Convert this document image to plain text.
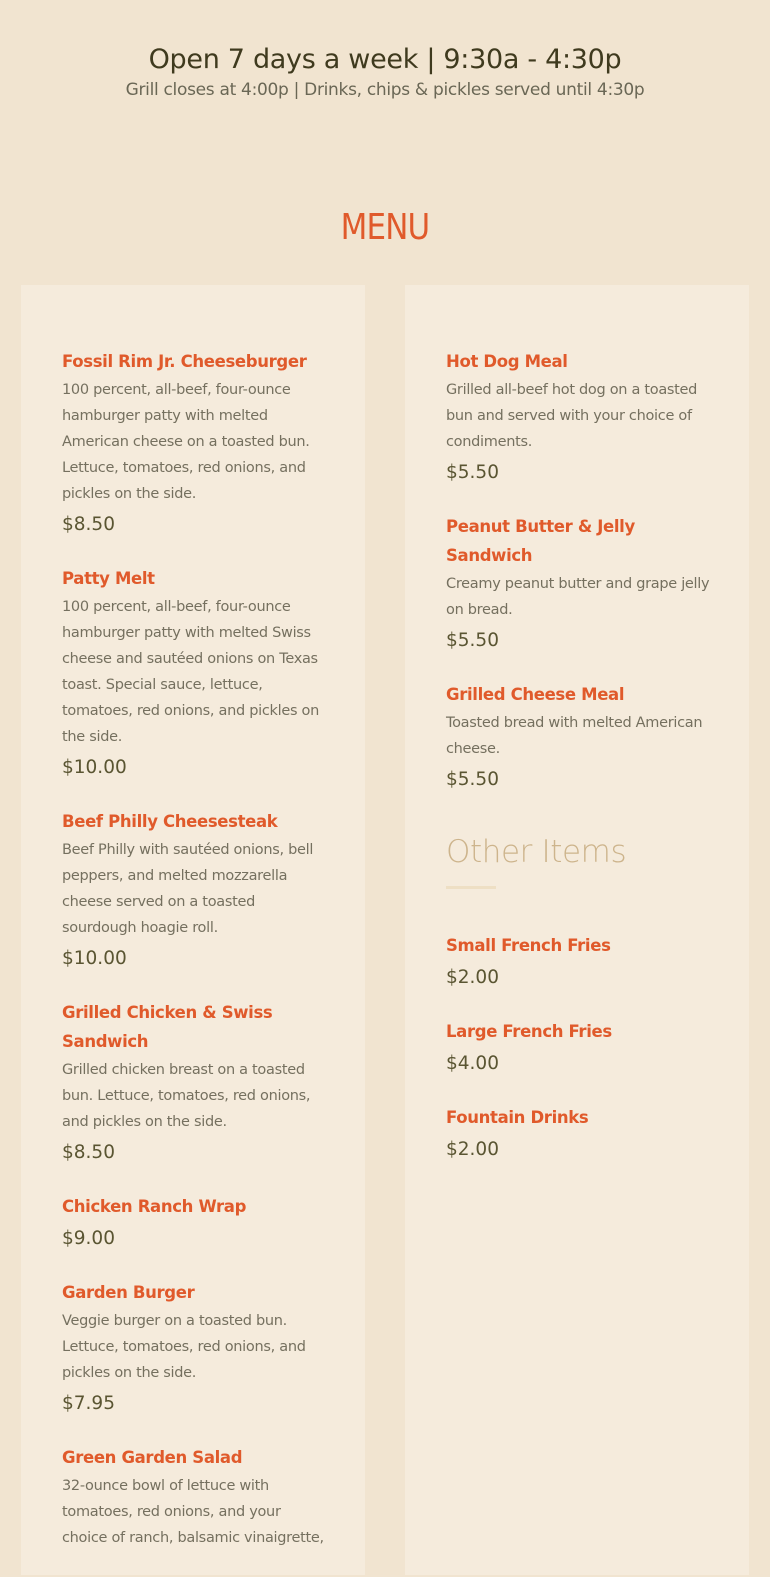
Open 7 days a week | 9:30a - 4:30p
Grill closes at 4:00p | Drinks, chips & pickles served until 4:30p
MENU
Fossil Rim Jr. Cheeseburger
100 percent, all-beef, four-ounce hamburger patty with melted American cheese on a toasted bun. Lettuce, tomatoes, red onions, and pickles on the side.
$8.50
Patty Melt
100 percent, all-beef, four-ounce hamburger patty with melted Swiss cheese and sautéed onions on Texas toast. Special sauce, lettuce, tomatoes, red onions, and pickles on the side.
$10.00
Beef Philly Cheesesteak
Beef Philly with sautéed onions, bell peppers, and melted mozzarella cheese served on a toasted sourdough hoagie roll.
$10.00
Grilled Chicken & Swiss Sandwich
Grilled chicken breast on a toasted bun. Lettuce, tomatoes, red onions, and pickles on the side.
$8.50
Chicken Ranch Wrap
$9.00
Garden Burger
Veggie burger on a toasted bun. Lettuce, tomatoes, red onions, and pickles on the side.
$7.95
Green Garden Salad
32-ounce bowl of lettuce with tomatoes, red onions, and your choice of ranch, balsamic vinaigrette,
Hot Dog Meal
Grilled all-beef hot dog on a toasted bun and served with your choice of condiments.
$5.50
Peanut Butter & Jelly Sandwich
Creamy peanut butter and grape jelly on bread.
$5.50
Grilled Cheese Meal
Toasted bread with melted American cheese.
$5.50
Other Items
Small French Fries
$2.00
Large French Fries
$4.00
Fountain Drinks
$2.00
